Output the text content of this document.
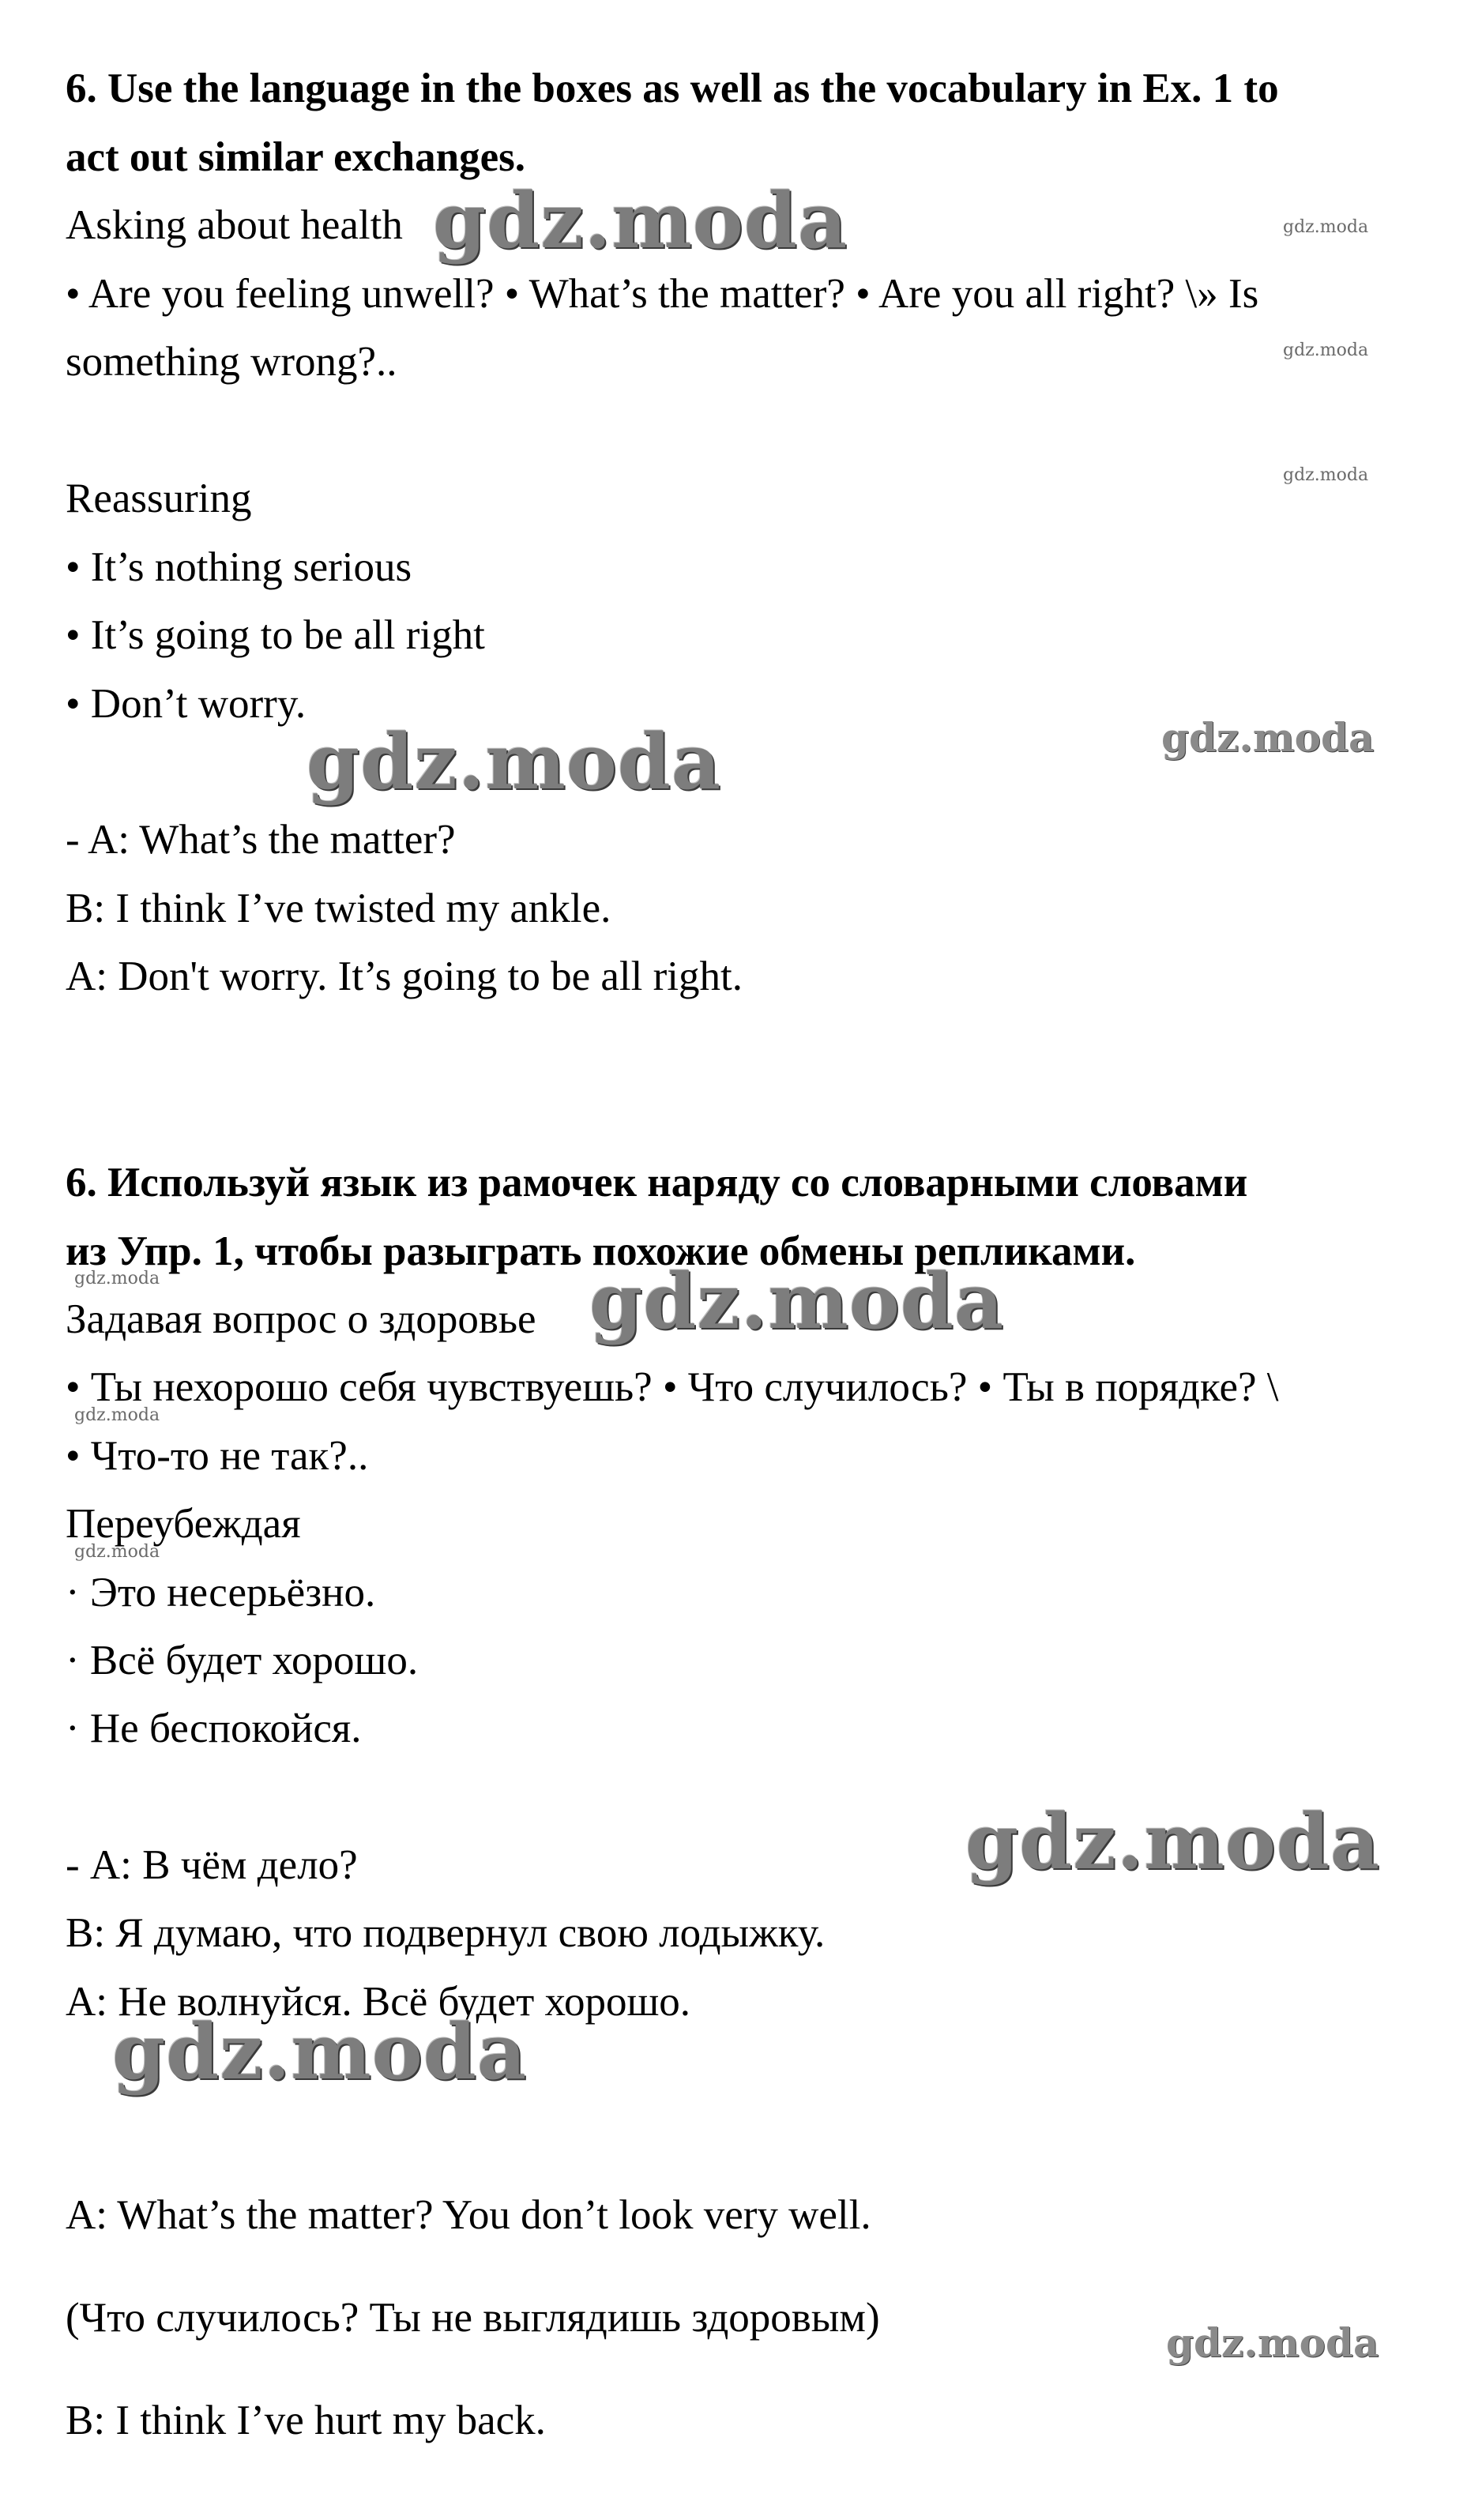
6. Use the language in the boxes as well as the vocabulary in Ex. 1 to
act out similar exchanges.
Asking about health
• Are you feeling unwell? • What’s the matter? • Are you all right? \» Is
something wrong?..
Reassuring
• It’s nothing serious
• It’s going to be all right
• Don’t worry.
- A: What’s the matter?
B: I think I’ve twisted my ankle.
A: Don't worry. It’s going to be all right.
6. Используй язык из рамочек наряду со словарными словами
из Упр. 1, чтобы разыграть похожие обмены репликами.
Задавая вопрос о здоровье
• Ты нехорошо себя чувствуешь? • Что случилось? • Ты в порядке? \
• Что-то не так?..
Переубеждая
· Это несерьёзно.
· Всё будет хорошо.
· Не беспокойся.
- А: В чём дело?
В: Я думаю, что подвернул свою лодыжку.
А: Не волнуйся. Всё будет хорошо.
A: What’s the matter? You don’t look very well.
(Что случилось? Ты не выглядишь здоровым)
B: I think I’ve hurt my back.
gdz.moda	gdz.moda
gdz.moda
gdz.moda
gdz.moda	gdz.moda
gdz.moda	gdz.moda
gdz.moda
gdz.moda
gdz.moda
gdz.moda
gdz.moda
